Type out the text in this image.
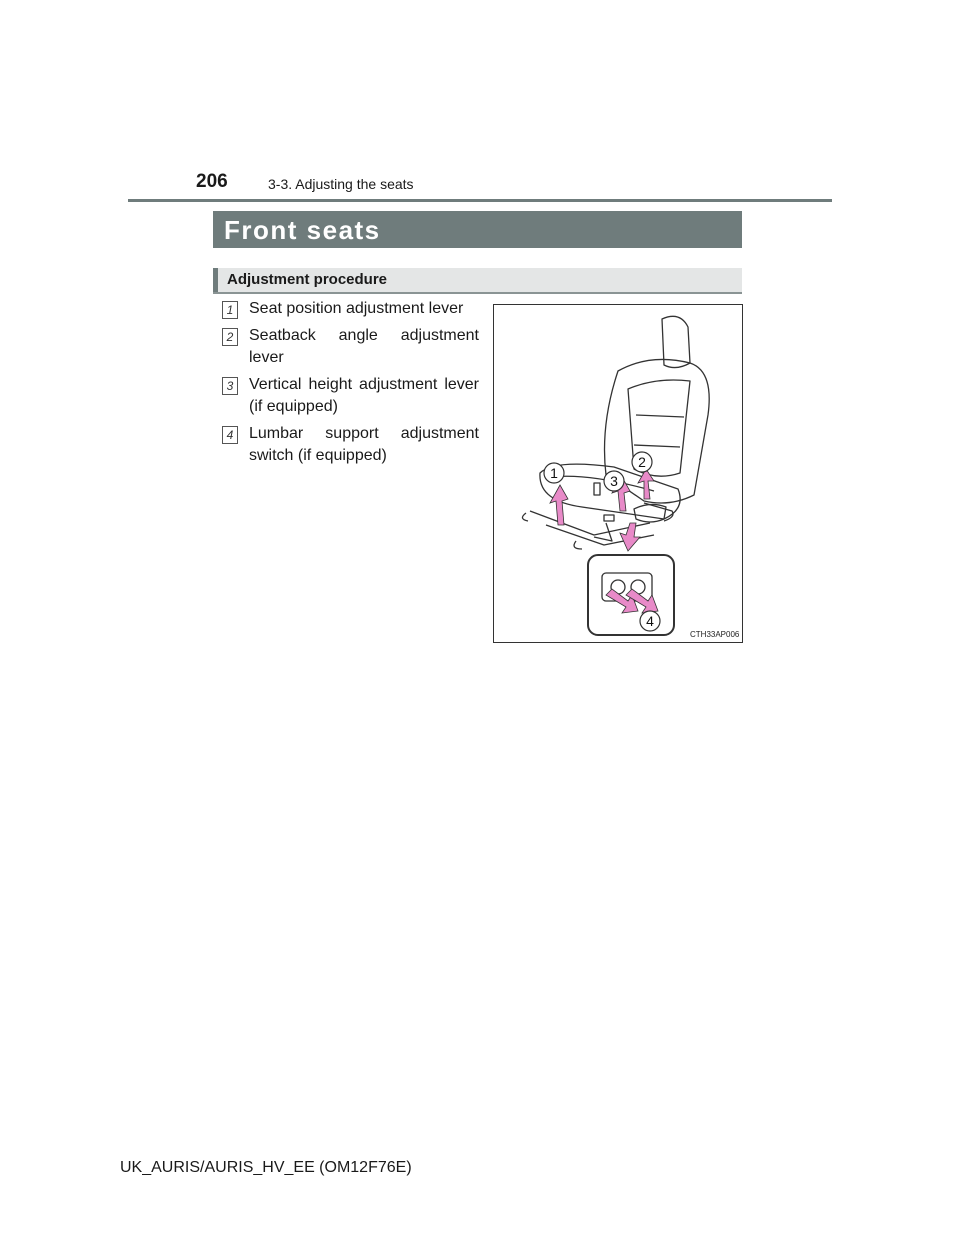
206	3-3. Adjusting the seats
Front seats
Adjustment procedure
1 Seat position adjustment lever
2 Seatback angle adjustment lever
3 Vertical height adjustment lever (if equipped)
4 Lumbar support adjustment switch (if equipped)
1
2
3
4
CTH33AP006
UK_AURIS/AURIS_HV_EE (OM12F76E)
